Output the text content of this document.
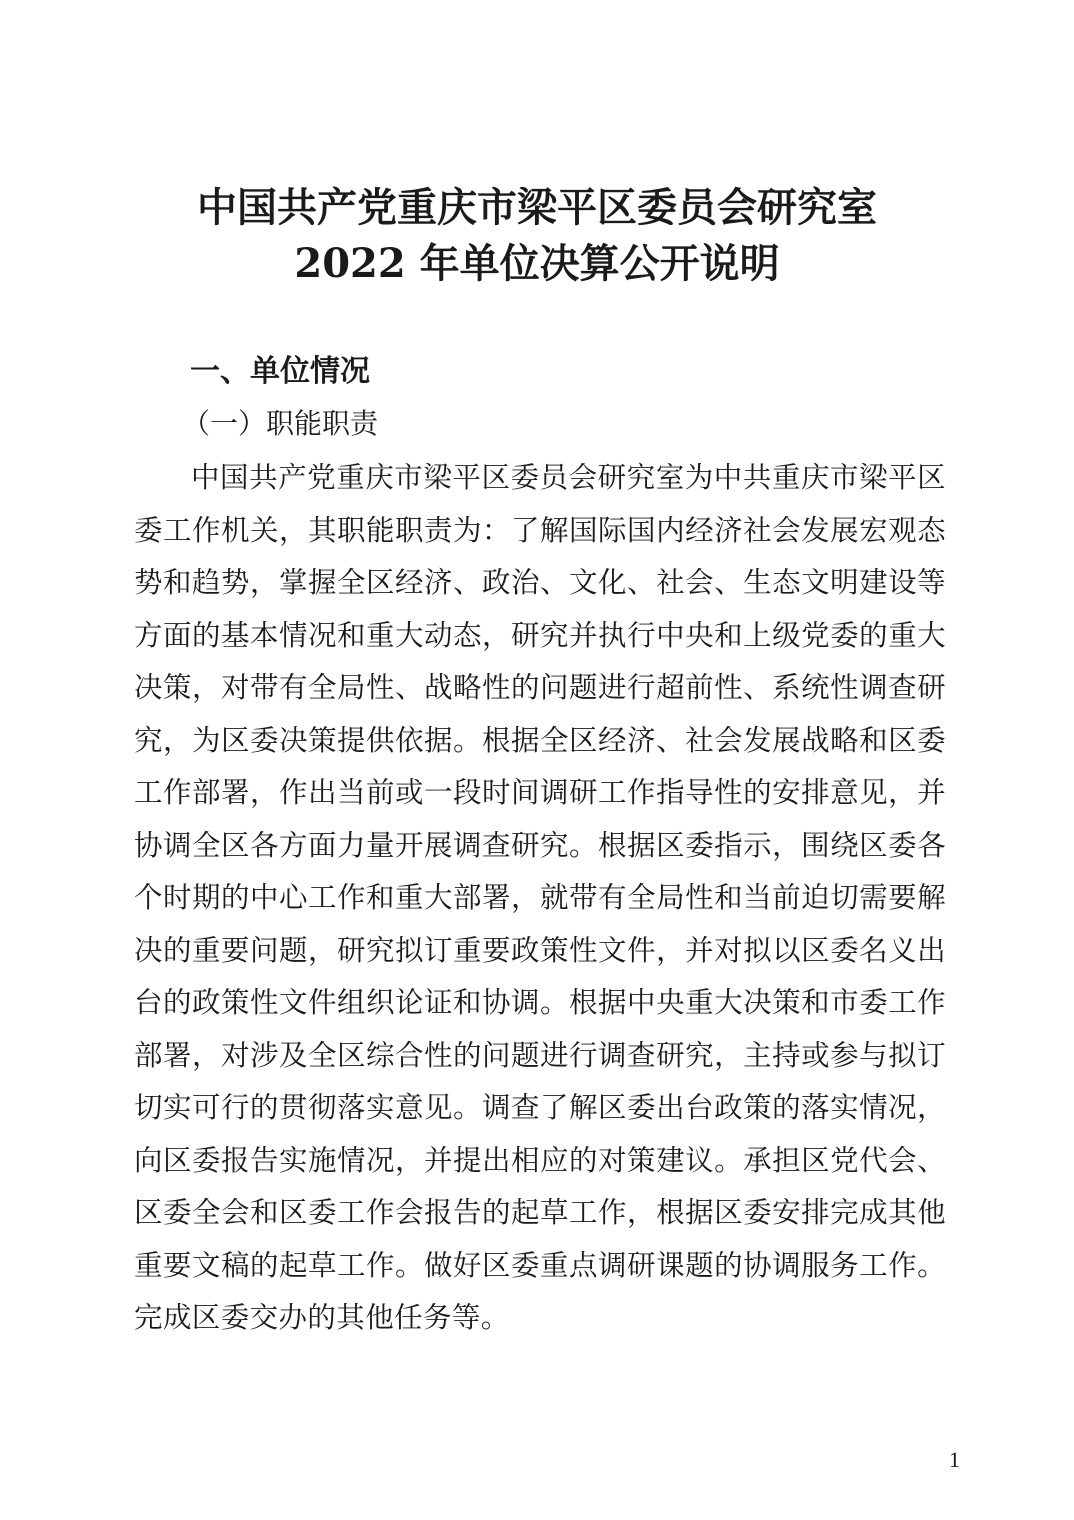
中国共产党重庆市梁平区委员会研究室
2022 年单位决算公开说明
一、单位情况
（一）职能职责
中国共产党重庆市梁平区委员会研究室为中共重庆市梁平区委工作机关，其职能职责为：了解国际国内经济社会发展宏观态势和趋势，掌握全区经济、政治、文化、社会、生态文明建设等方面的基本情况和重大动态，研究并执行中央和上级党委的重大决策，对带有全局性、战略性的问题进行超前性、系统性调查研究，为区委决策提供依据。根据全区经济、社会发展战略和区委工作部署，作出当前或一段时间调研工作指导性的安排意见，并协调全区各方面力量开展调查研究。根据区委指示，围绕区委各个时期的中心工作和重大部署，就带有全局性和当前迫切需要解决的重要问题，研究拟订重要政策性文件，并对拟以区委名义出台的政策性文件组织论证和协调。根据中央重大决策和市委工作部署，对涉及全区综合性的问题进行调查研究，主持或参与拟订切实可行的贯彻落实意见。调查了解区委出台政策的落实情况，向区委报告实施情况，并提出相应的对策建议。承担区党代会、区委全会和区委工作会报告的起草工作，根据区委安排完成其他重要文稿的起草工作。做好区委重点调研课题的协调服务工作。完成区委交办的其他任务等。
1
